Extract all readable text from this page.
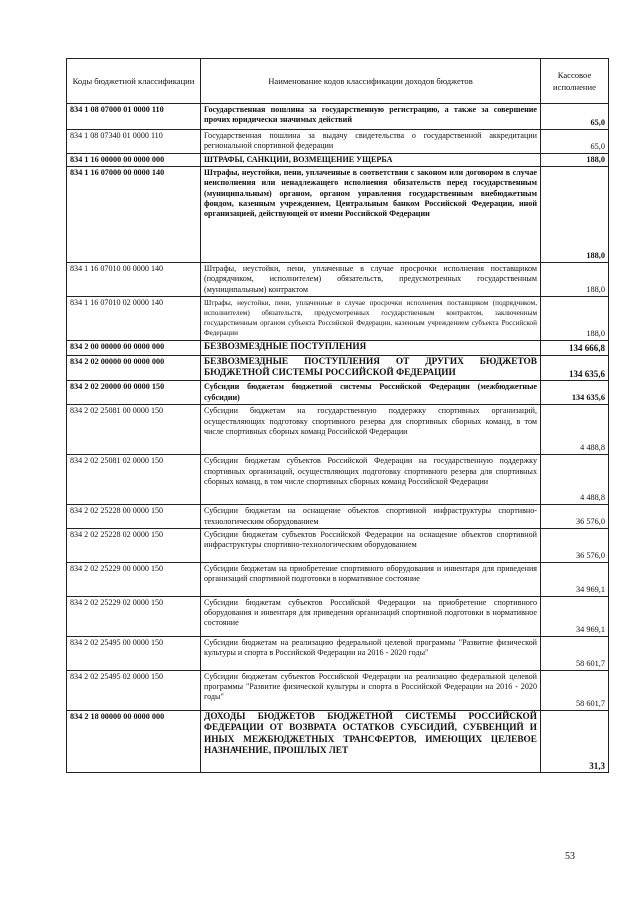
Коды бюджетной классификации	Наименование кодов классификации доходов бюджетов	Кассовое исполнение
834 1 08 07000 01 0000 110	Государственная пошлина за государственную регистрацию, а также за совершение прочих юридически значимых действий	65,0
834 1 08 07340 01 0000 110	Государственная пошлина за выдачу свидетельства о государственной аккредитации региональной спортивной федерации	65,0
834 1 16 00000 00 0000 000	ШТРАФЫ, САНКЦИИ, ВОЗМЕЩЕНИЕ УЩЕРБА	188,0
834 1 16 07000 00 0000 140	Штрафы, неустойки, пени, уплаченные в соответствии с законом или договором в случае неисполнения или ненадлежащего исполнения обязательств перед государственным (муниципальным) органом, органом управления государственным внебюджетным фондом, казенным учреждением, Центральным банком Российской Федерации, иной организацией, действующей от имени Российской Федерации	188,0
834 1 16 07010 00 0000 140	Штрафы, неустойки, пени, уплаченные в случае просрочки исполнения поставщиком (подрядчиком, исполнителем) обязательств, предусмотренных государственным (муниципальным) контрактом	188,0
834 1 16 07010 02 0000 140	Штрафы, неустойки, пени, уплаченные в случае просрочки исполнения поставщиком (подрядчиком, исполнителем) обязательств, предусмотренных государственным контрактом, заключенным государственным органом субъекта Российской Федерации, казенным учреждением субъекта Российской Федерации	188,0
834 2 00 00000 00 0000 000	БЕЗВОЗМЕЗДНЫЕ ПОСТУПЛЕНИЯ	134 666,8
834 2 02 00000 00 0000 000	БЕЗВОЗМЕЗДНЫЕ ПОСТУПЛЕНИЯ ОТ ДРУГИХ БЮДЖЕТОВ БЮДЖЕТНОЙ СИСТЕМЫ РОССИЙСКОЙ ФЕДЕРАЦИИ	134 635,6
834 2 02 20000 00 0000 150	Субсидии бюджетам бюджетной системы Российской Федерации (межбюджетные субсидии)	134 635,6
834 2 02 25081 00 0000 150	Субсидии бюджетам на государственную поддержку спортивных организаций, осуществляющих подготовку спортивного резерва для спортивных сборных команд, в том числе спортивных сборных команд Российской Федерации	4 488,8
834 2 02 25081 02 0000 150	Субсидии бюджетам субъектов Российской Федерации на государственную поддержку спортивных организаций, осуществляющих подготовку спортивного резерва для спортивных сборных команд, в том числе спортивных сборных команд Российской Федерации	4 488,8
834 2 02 25228 00 0000 150	Субсидии бюджетам на оснащение объектов спортивной инфраструктуры спортивно-технологическим оборудованием	36 576,0
834 2 02 25228 02 0000 150	Субсидии бюджетам субъектов Российской Федерации на оснащение объектов спортивной инфраструктуры спортивно-технологическим оборудованием	36 576,0
834 2 02 25229 00 0000 150	Субсидии бюджетам на приобретение спортивного оборудования и инвентаря для приведения организаций спортивной подготовки в нормативное состояние	34 969,1
834 2 02 25229 02 0000 150	Субсидии бюджетам субъектов Российской Федерации на приобретение спортивного оборудования и инвентаря для приведения организаций спортивной подготовки в нормативное состояние	34 969,1
834 2 02 25495 00 0000 150	Субсидии бюджетам на реализацию федеральной целевой программы "Развитие физической культуры и спорта в Российской Федерации на 2016 - 2020 годы"	58 601,7
834 2 02 25495 02 0000 150	Субсидии бюджетам субъектов Российской Федерации на реализацию федеральной целевой программы "Развитие физической культуры и спорта в Российской Федерации на 2016 - 2020 годы"	58 601,7
834 2 18 00000 00 0000 000	ДОХОДЫ БЮДЖЕТОВ БЮДЖЕТНОЙ СИСТЕМЫ РОССИЙСКОЙ ФЕДЕРАЦИИ ОТ ВОЗВРАТА ОСТАТКОВ СУБСИДИЙ, СУБВЕНЦИЙ И ИНЫХ МЕЖБЮДЖЕТНЫХ ТРАНСФЕРТОВ, ИМЕЮЩИХ ЦЕЛЕВОЕ НАЗНАЧЕНИЕ, ПРОШЛЫХ ЛЕТ	31,3
53
